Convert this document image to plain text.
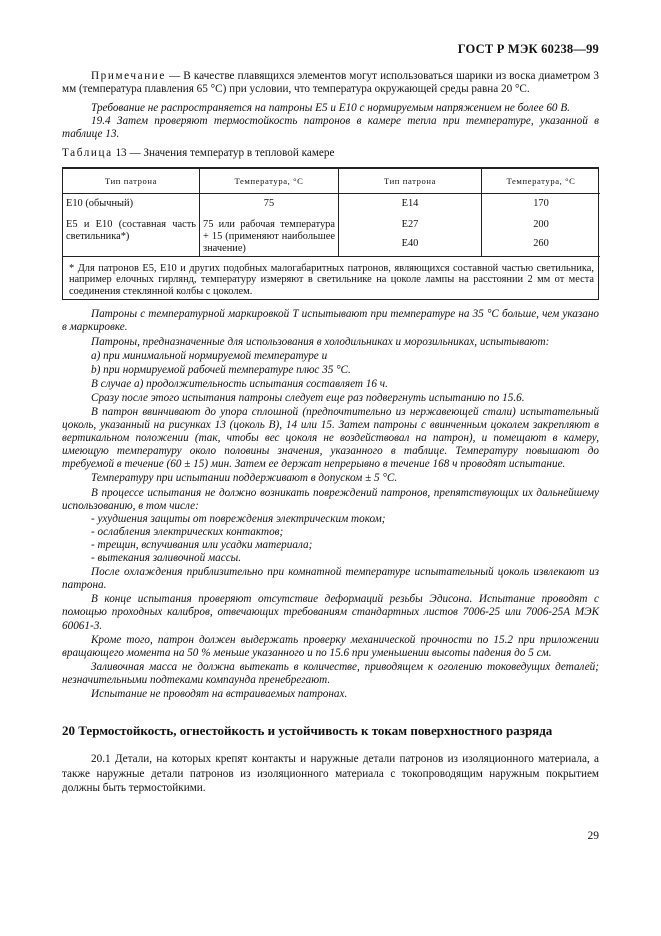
ГОСТ Р МЭК 60238—99

Примечание — В качестве плавящихся элементов могут использоваться шарики из воска диаметром 3 мм (температура плавления 65 °С) при условии, что температура окружающей среды равна 20 °С.

Требование не распространяется на патроны Е5 и Е10 с нормируемым напряжением не более 60 В.

19.4 Затем проверяют термостойкость патронов в камере тепла при температуре, указанной в таблице 13.

Таблица 13 — Значения температур в тепловой камере

Тип патрона	Температура, °С	Тип патрона	Температура, °С
Е10 (обычный)	75	Е14	170
Е5 и Е10 (составная часть светильника*)	75 или рабочая температура + 15 (применяют наибольшее значение)	Е27	200
		Е40	260
* Для патронов Е5, Е10 и других подобных малогабаритных патронов, являющихся составной частью светильника, например елочных гирлянд, температуру измеряют в светильнике на цоколе лампы на расстоянии 2 мм от места соединения стеклянной колбы с цоколем.			

Патроны с температурной маркировкой Т испытывают при температуре на 35 °С больше, чем указано в маркировке.

Патроны, предназначенные для использования в холодильниках и морозильниках, испытывают:

a) при минимальной нормируемой температуре и

b) при нормируемой рабочей температуре плюс 35 °С.

В случае а) продолжительность испытания составляет 16 ч.

Сразу после этого испытания патроны следует еще раз подвергнуть испытанию по 15.6.

В патрон ввинчивают до упора сплошной (предпочтительно из нержавеющей стали) испытательный цоколь, указанный на рисунках 13 (цоколь В), 14 или 15. Затем патроны с ввинченным цоколем закрепляют в вертикальном положении (так, чтобы вес цоколя не воздействовал на патрон), и помещают в камеру, имеющую температуру около половины значения, указанного в таблице. Температуру повышают до требуемой в течение (60 ± 15) мин. Затем ее держат непрерывно в течение 168 ч проводят испытание.

Температуру при испытании поддерживают в допуском ± 5 °С.

В процессе испытания не должно возникать повреждений патронов, препятствующих их дальнейшему использованию, в том числе:

- ухудшения защиты от повреждения электрическим током;

- ослабления электрических контактов;

- трещин, вспучивания или усадки материала;

- вытекания заливочной массы.

После охлаждения приблизительно при комнатной температуре испытательный цоколь извлекают из патрона.

В конце испытания проверяют отсутствие деформаций резьбы Эдисона. Испытание проводят с помощью проходных калибров, отвечающих требованиям стандартных листов 7006-25 или 7006-25А МЭК 60061-3.

Кроме того, патрон должен выдержать проверку механической прочности по 15.2 при приложении вращающего момента на 50 % меньше указанного и по 15.6 при уменьшении высоты падения до 5 см.

Заливочная масса не должна вытекать в количестве, приводящем к оголению токоведущих деталей; незначительными подтеками компаунда пренебрегают.

Испытание не проводят на встраиваемых патронах.

20 Термостойкость, огнестойкость и устойчивость к токам поверхностного разряда

20.1 Детали, на которых крепят контакты и наружные детали патронов из изоляционного материала, а также наружные детали патронов из изоляционного материала с токопроводящим наружным покрытием должны быть термостойкими.

29
